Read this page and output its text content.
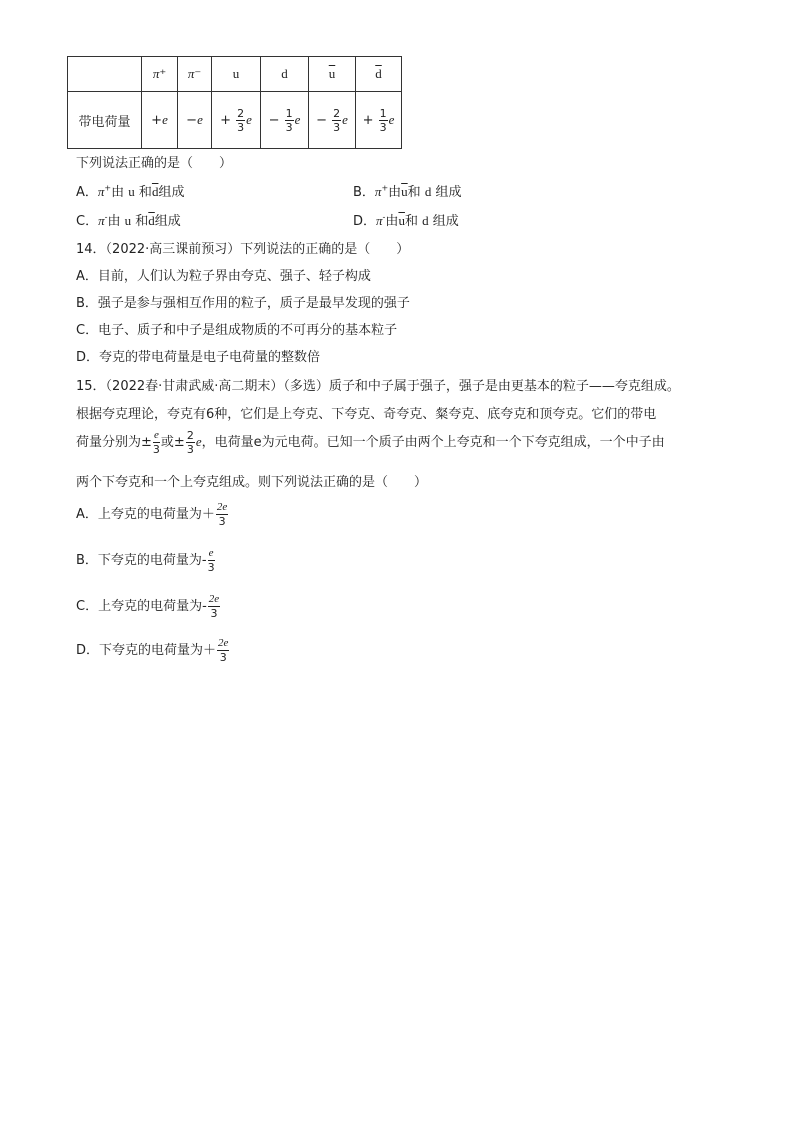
	π⁺	π⁻	u	d	$\overline{u}$	$\overline{d}$
带电荷量	+e	−e	+ $\frac{2}{3}$ e	− $\frac{1}{3}$ e	− $\frac{2}{3}$ e	+ $\frac{1}{3}$ e
下列说法正确的是（　　）
A．π+由 u 和$\overline{d}$组成	B．π+由$\overline{u}$和 d 组成
C．π-由 u 和$\overline{d}$组成	D．π-由$\overline{u}$和 d 组成
14．（2022·高三课前预习）下列说法的正确的是（　　）
A．目前，人们认为粒子界由夸克、强子、轻子构成
B．强子是参与强相互作用的粒子，质子是最早发现的强子
C．电子、质子和中子是组成物质的不可再分的基本粒子
D．夸克的带电荷量是电子电荷量的整数倍
15．（2022春·甘肃武威·高二期末）（多选）质子和中子属于强子，强子是由更基本的粒子——夸克组成。
根据夸克理论，夸克有6种，它们是上夸克、下夸克、奇夸克、粲夸克、底夸克和顶夸克。它们的带电
荷量分别为± $\frac{e}{3}$ 或± $\frac{2}{3}$ e，电荷量e为元电荷。已知一个质子由两个上夸克和一个下夸克组成，一个中子由
两个下夸克和一个上夸克组成。则下列说法正确的是（　　）
A．上夸克的电荷量为＋ $\frac{2e}{3}$
B．下夸克的电荷量为- $\frac{e}{3}$
C．上夸克的电荷量为- $\frac{2e}{3}$
D．下夸克的电荷量为＋ $\frac{2e}{3}$
